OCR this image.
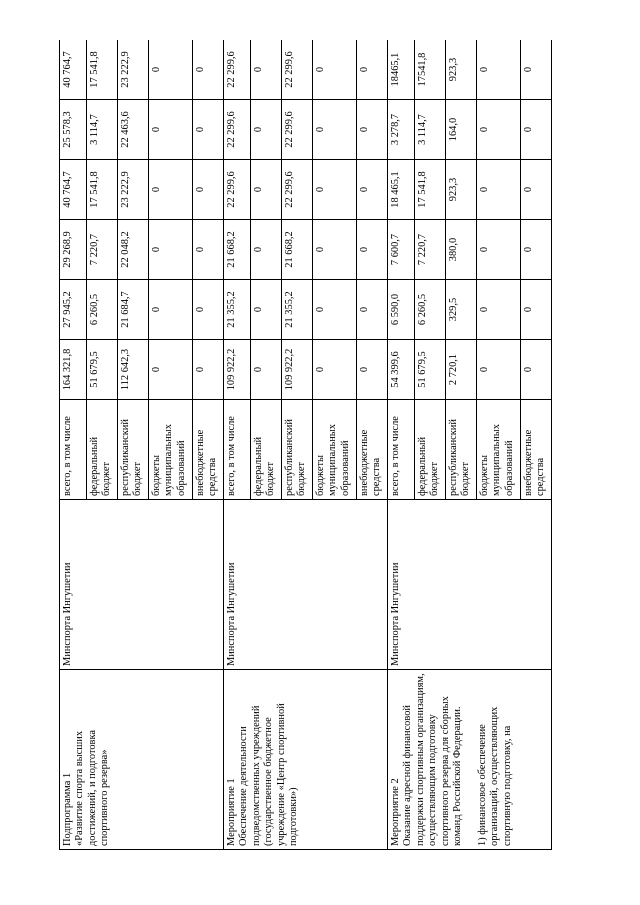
Подпрограмма 1 «Развитие спорта высших достижений, и подготовка спортивного резерва»	Минспорта Ингушетии	всего, в том числе	164 321,8	27 945,2	29 268,9	40 764,7	25 578,3	40 764,7
		федеральный бюджет	51 679,5	6 260,5	7 220,7	17 541,8	3 114,7	17 541,8
		республиканский бюджет	112 642,3	21 684,7	22 048,2	23 222,9	22 463,6	23 222,9
		бюджеты муниципальных образований	0	0	0	0	0	0
		внебюджетные средства	0	0	0	0	0	0

Мероприятие 1 Обеспечение деятельности подведомственных учреждений (государственное бюджетное учреждение «Центр спортивной подготовки»)	Минспорта Ингушетии	всего, в том числе	109 922,2	21 355,2	21 668,2	22 299,6	22 299,6	22 299,6
		федеральный бюджет	0	0	0	0	0	0
		республиканский бюджет	109 922,2	21 355,2	21 668,2	22 299,6	22 299,6	22 299,6
		бюджеты муниципальных образований	0	0	0	0	0	0
		внебюджетные средства	0	0	0	0	0	0

Мероприятие 2 Оказание адресной финансовой поддержки спортивным организациям, осуществляющим подготовку спортивного резерва для сборных команд Российской Федерации. 1) финансовое обеспечение организаций, осуществляющих спортивную подготовку, на	Минспорта Ингушетии	всего, в том числе	54 399,6	6 590,0	7 600,7	18 465,1	3 278,7	18465,1
		федеральный бюджет	51 679,5	6 260,5	7 220,7	17 541,8	3 114,7	17541,8
		республиканский бюджет	2 720,1	329,5	380,0	923,3	164,0	923,3
		бюджеты муниципальных образований	0	0	0	0	0	0
		внебюджетные средства	0	0	0	0	0	0
